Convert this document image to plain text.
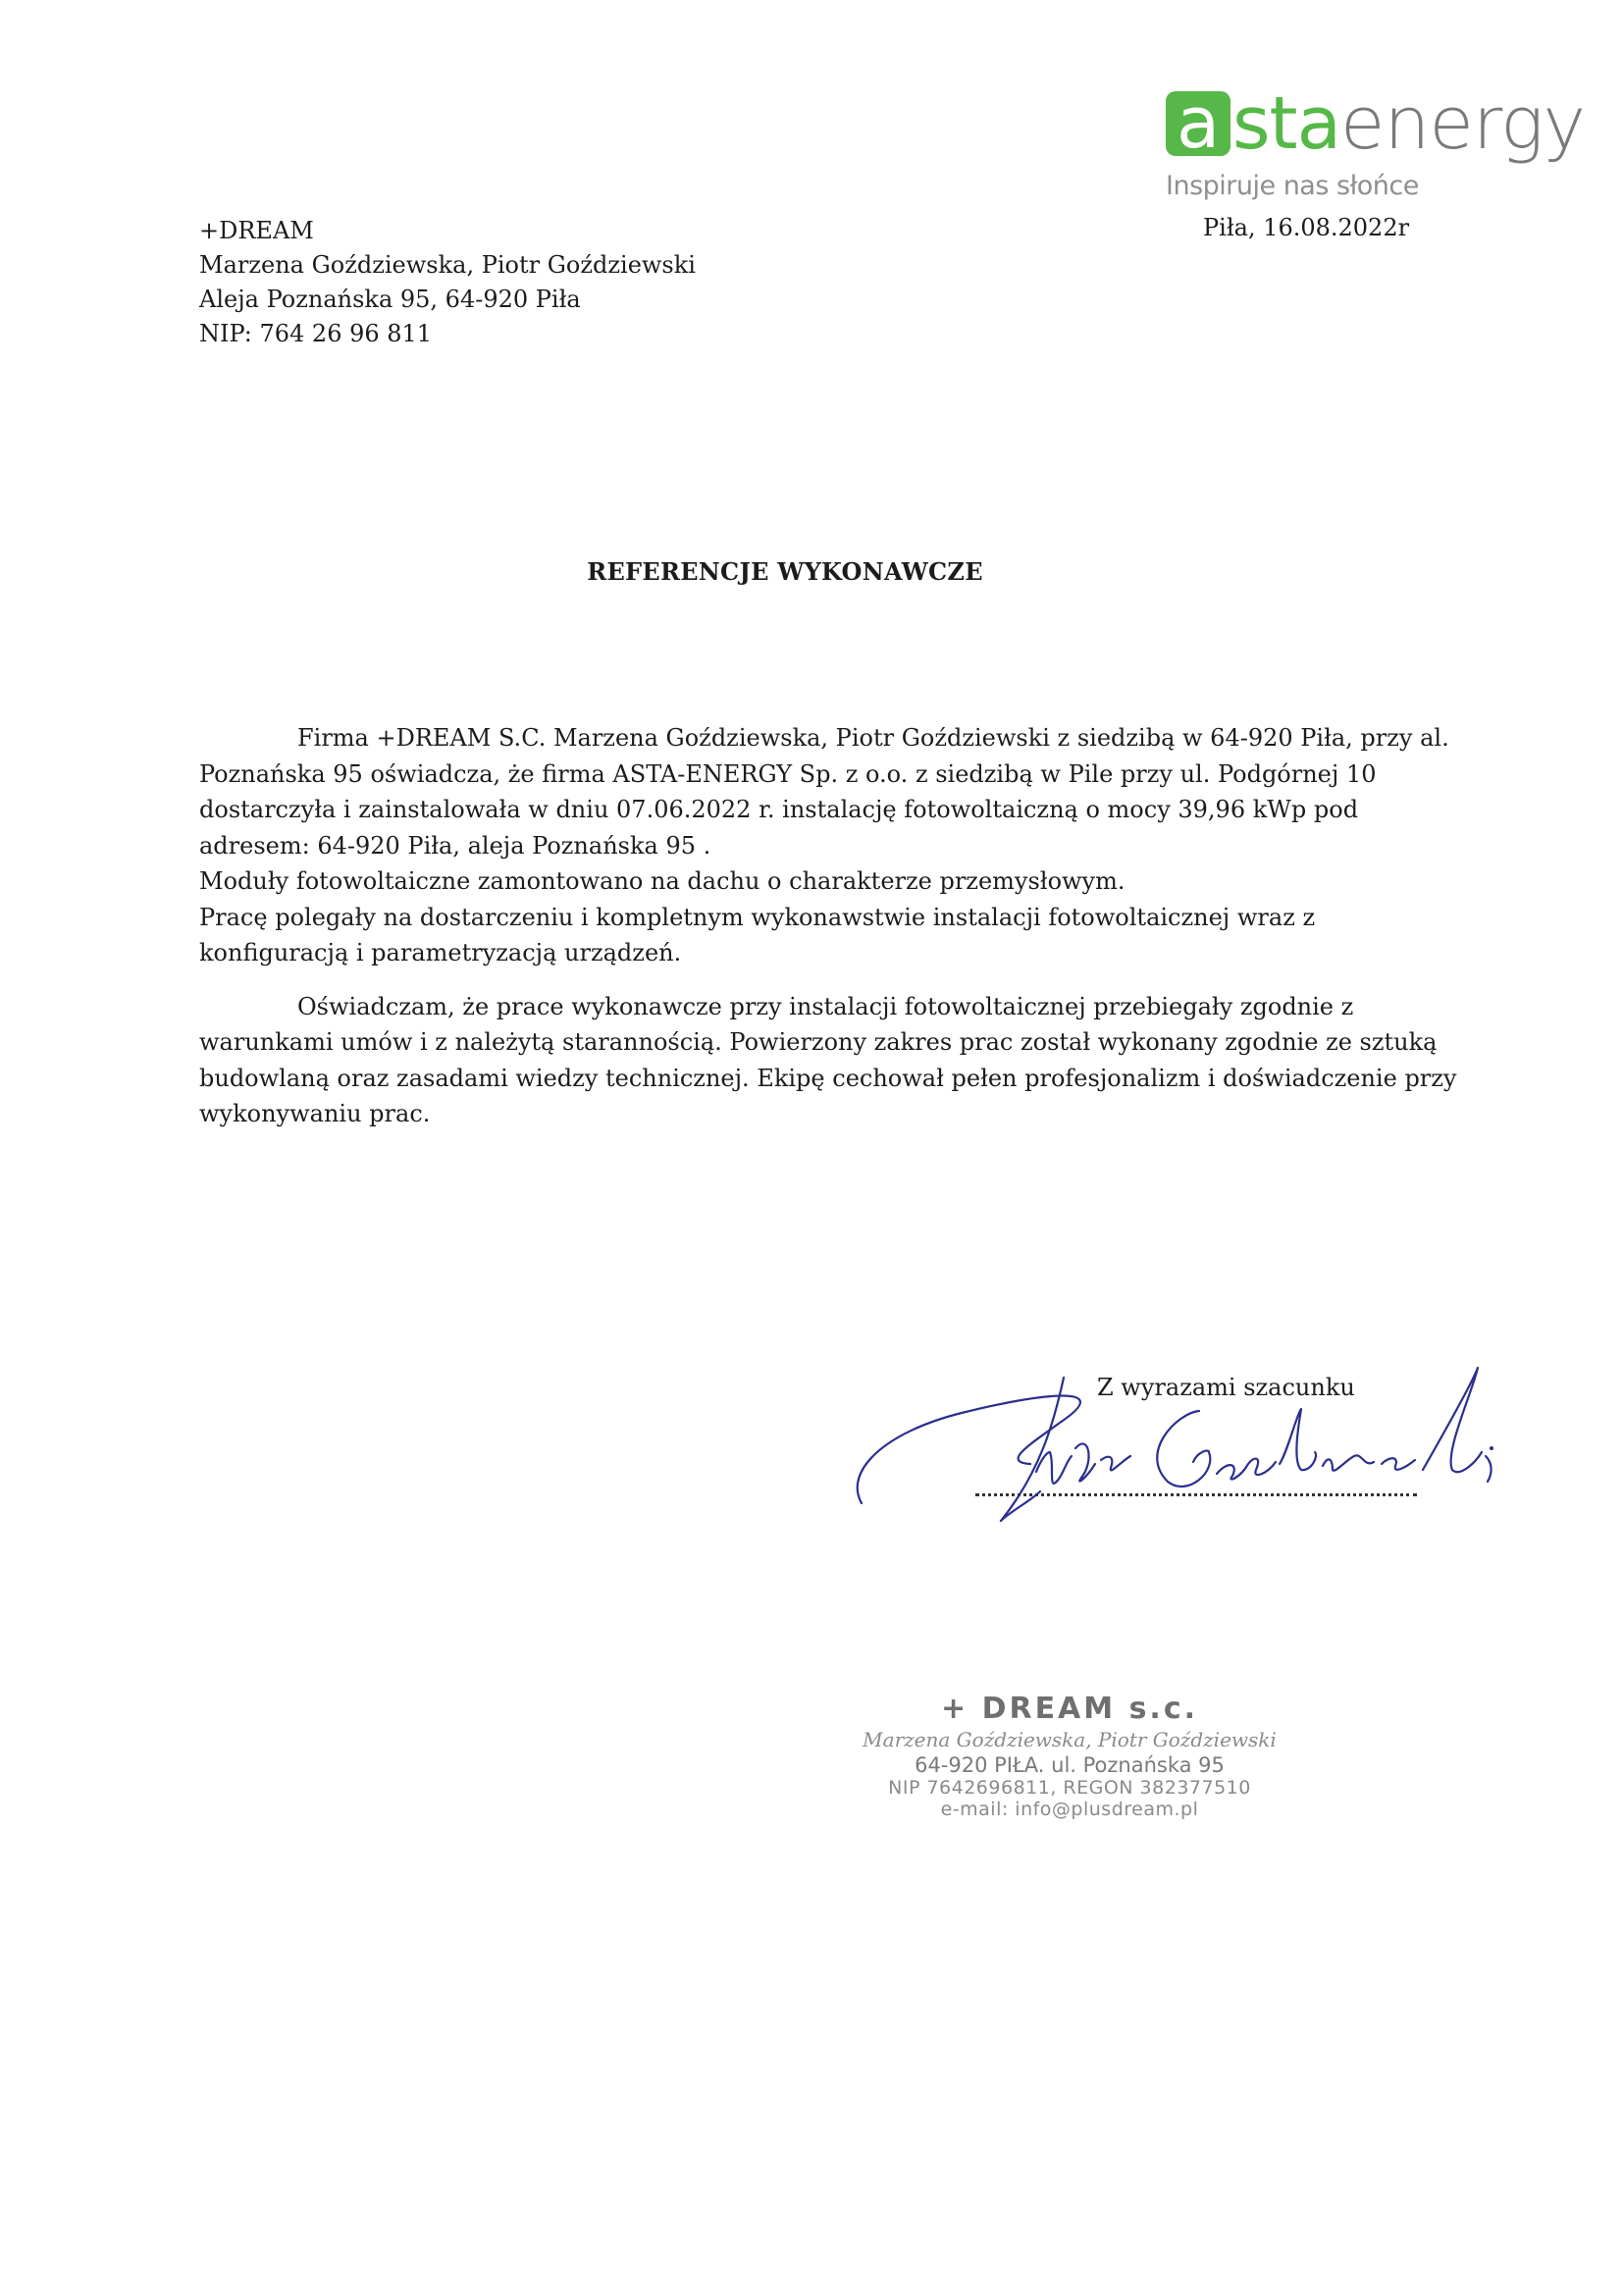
a sta energy
Inspiruje nas słońce
Piła, 16.08.2022r
+DREAM
Marzena Goździewska, Piotr Goździewski
Aleja Poznańska 95, 64-920 Piła
NIP: 764 26 96 811
REFERENCJE WYKONAWCZE
Firma +DREAM S.C. Marzena Goździewska, Piotr Goździewski z siedzibą w 64-920 Piła, przy al.
Poznańska 95 oświadcza, że firma ASTA-ENERGY Sp. z o.o. z siedzibą w Pile przy ul. Podgórnej 10
dostarczyła i zainstalowała w dniu 07.06.2022 r. instalację fotowoltaiczną o mocy 39,96 kWp pod
adresem: 64-920 Piła, aleja Poznańska 95 .
Moduły fotowoltaiczne zamontowano na dachu o charakterze przemysłowym.
Pracę polegały na dostarczeniu i kompletnym wykonawstwie instalacji fotowoltaicznej wraz z
konfiguracją i parametryzacją urządzeń.
Oświadczam, że prace wykonawcze przy instalacji fotowoltaicznej przebiegały zgodnie z
warunkami umów i z należytą starannością. Powierzony zakres prac został wykonany zgodnie ze sztuką
budowlaną oraz zasadami wiedzy technicznej. Ekipę cechował pełen profesjonalizm i doświadczenie przy
wykonywaniu prac.
Z wyrazami szacunku
+ DREAM s.c.
Marzena Goździewska, Piotr Goździewski
64-920 PIŁA. ul. Poznańska 95
NIP 7642696811, REGON 382377510
e-mail: info@plusdream.pl
